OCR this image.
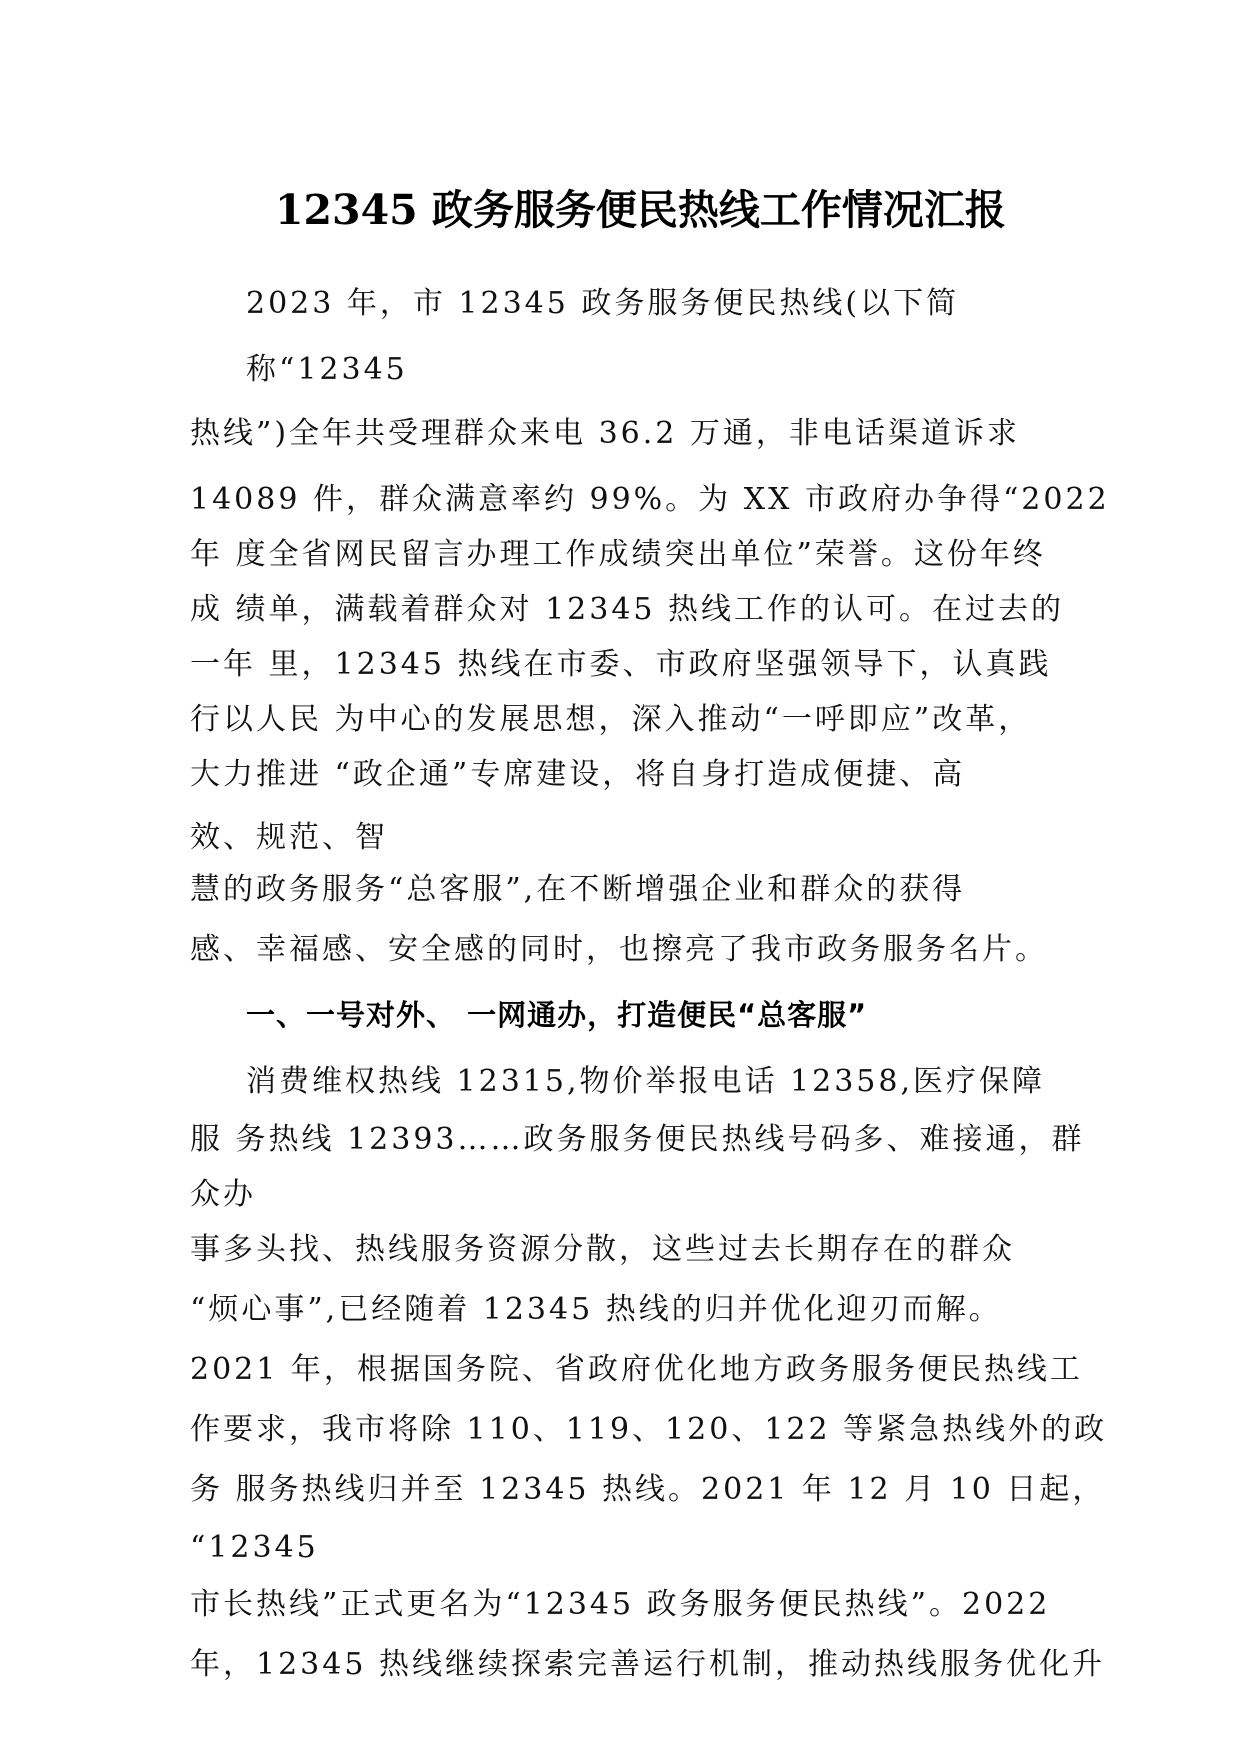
12345 政务服务便民热线工作情况汇报
2023 年，市 12345 政务服务便民热线(以下简
称“12345
热线”)全年共受理群众来电 36.2 万通，非电话渠道诉求
14089 件，群众满意率约 99%。为 XX 市政府办争得“2022
年 度全省网民留言办理工作成绩突出单位”荣誉。这份年终
成 绩单，满载着群众对 12345 热线工作的认可。在过去的
一年 里，12345 热线在市委、市政府坚强领导下，认真践
行以人民 为中心的发展思想，深入推动“一呼即应”改革，
大力推进 “政企通”专席建设，将自身打造成便捷、高
效、规范、智
慧的政务服务“总客服”,在不断增强企业和群众的获得
感、幸福感、安全感的同时，也擦亮了我市政务服务名片。
一、一号对外、 一网通办，打造便民“总客服”
消费维权热线 12315,物价举报电话 12358,医疗保障
服 务热线 12393……政务服务便民热线号码多、难接通，群
众办
事多头找、热线服务资源分散，这些过去长期存在的群众
“烦心事”,已经随着 12345 热线的归并优化迎刃而解。
2021 年，根据国务院、省政府优化地方政务服务便民热线工
作要求，我市将除 110、119、120、122 等紧急热线外的政
务 服务热线归并至 12345 热线。2021 年 12 月 10 日起，
“12345
市长热线”正式更名为“12345 政务服务便民热线”。2022
年，12345 热线继续探索完善运行机制，推动热线服务优化升
